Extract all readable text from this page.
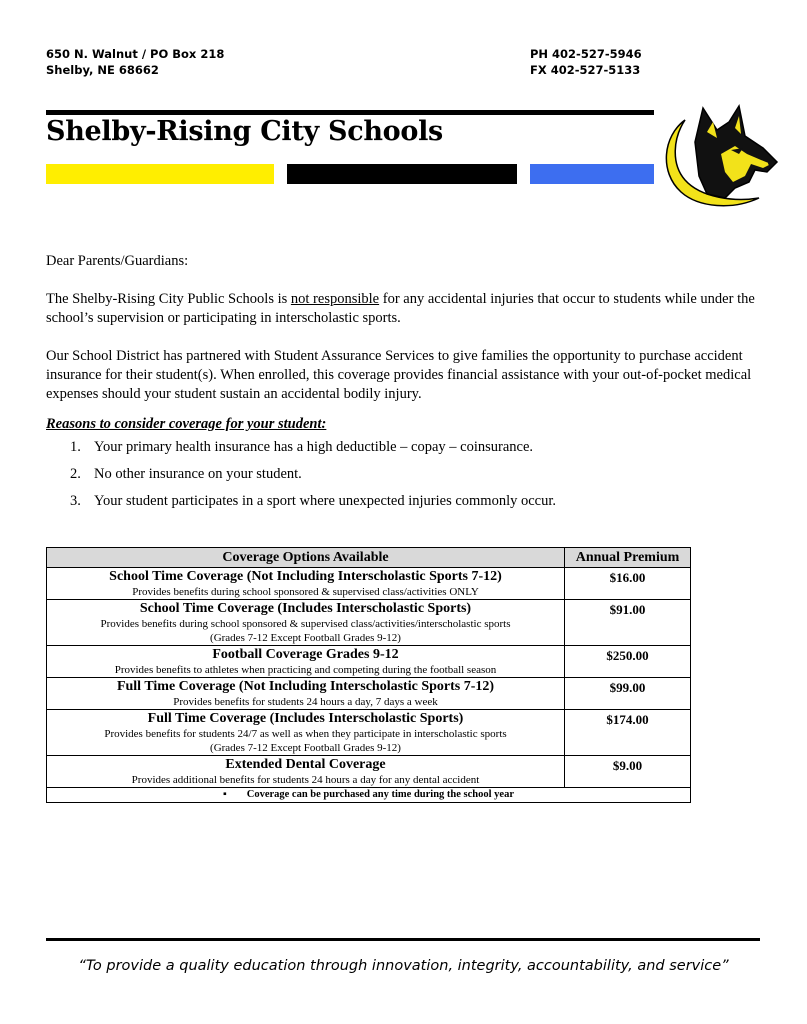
650 N. Walnut / PO Box 218
Shelby, NE 68662
PH 402-527-5946
FX 402-527-5133
Shelby-Rising City Schools
Dear Parents/Guardians:
The Shelby-Rising City Public Schools is not responsible for any accidental injuries that occur to students while under the school’s supervision or participating in interscholastic sports.
Our School District has partnered with Student Assurance Services to give families the opportunity to purchase accident insurance for their student(s). When enrolled, this coverage provides financial assistance with your out-of-pocket medical expenses should your student sustain an accidental bodily injury.
Reasons to consider coverage for your student:
1. Your primary health insurance has a high deductible – copay – coinsurance.
2. No other insurance on your student.
3. Your student participates in a sport where unexpected injuries commonly occur.
Coverage Options Available	Annual Premium

School Time Coverage (Not Including Interscholastic Sports 7-12)
Provides benefits during school sponsored & supervised class/activities ONLY	$16.00

School Time Coverage (Includes Interscholastic Sports)
Provides benefits during school sponsored & supervised class/activities/interscholastic sports
(Grades 7-12 Except Football Grades 9-12)	$91.00

Football Coverage Grades 9-12
Provides benefits to athletes when practicing and competing during the football season	$250.00

Full Time Coverage (Not Including Interscholastic Sports 7-12)
Provides benefits for students 24 hours a day, 7 days a week	$99.00

Full Time Coverage (Includes Interscholastic Sports)
Provides benefits for students 24/7 as well as when they participate in interscholastic sports
(Grades 7-12 Except Football Grades 9-12)	$174.00

Extended Dental Coverage
Provides additional benefits for students 24 hours a day for any dental accident	$9.00
▪ Coverage can be purchased any time during the school year	
“To provide a quality education through innovation, integrity, accountability, and service”
